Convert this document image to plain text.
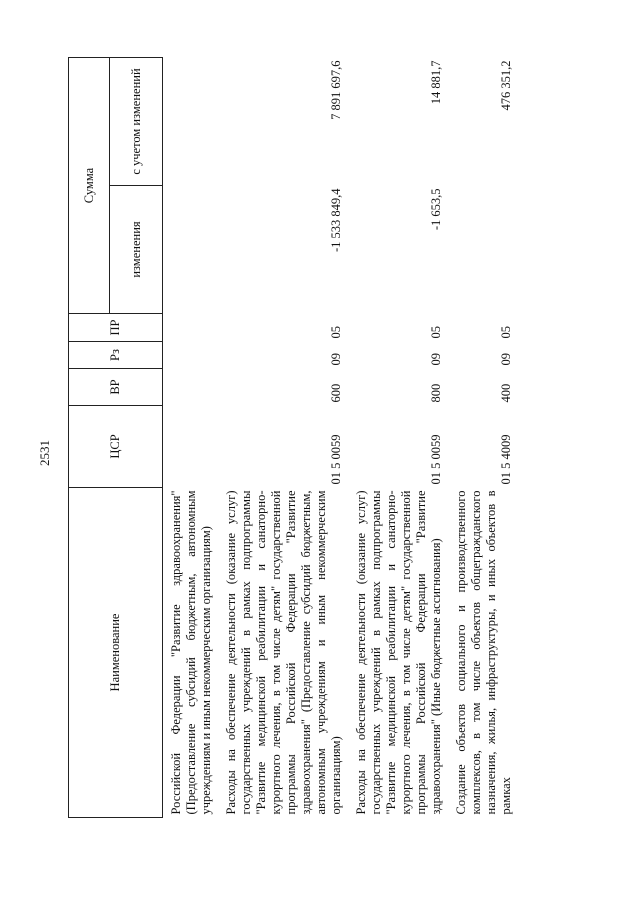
2531
Наименование	ЦСР	ВР	Рз	ПР	Сумма	
					изменения	с учетом изменений
Российской Федерации "Развитие здравоохранения" (Предоставление субсидий бюджетным, автономным учреждениям и иным некоммерческим организациям)						
Расходы на обеспечение деятельности (оказание услуг) государственных учреждений в рамках подпрограммы "Развитие медицинской реабилитации и санаторно-курортного лечения, в том числе детям" государственной программы Российской Федерации "Развитие здравоохранения" (Предоставление субсидий бюджетным, автономным учреждениям и иным некоммерческим организациям)	01 5 0059	600	09	05	-1 533 849,4	7 891 697,6
Расходы на обеспечение деятельности (оказание услуг) государственных учреждений в рамках подпрограммы "Развитие медицинской реабилитации и санаторно-курортного лечения, в том числе детям" государственной программы Российской Федерации "Развитие здравоохранения" (Иные бюджетные ассигнования)	01 5 0059	800	09	05	-1 653,5	14 881,7
Создание объектов социального и производственного комплексов, в том числе объектов общегражданского назначения, жилья, инфраструктуры, и иных объектов в рамках	01 5 4009	400	09	05		476 351,2
